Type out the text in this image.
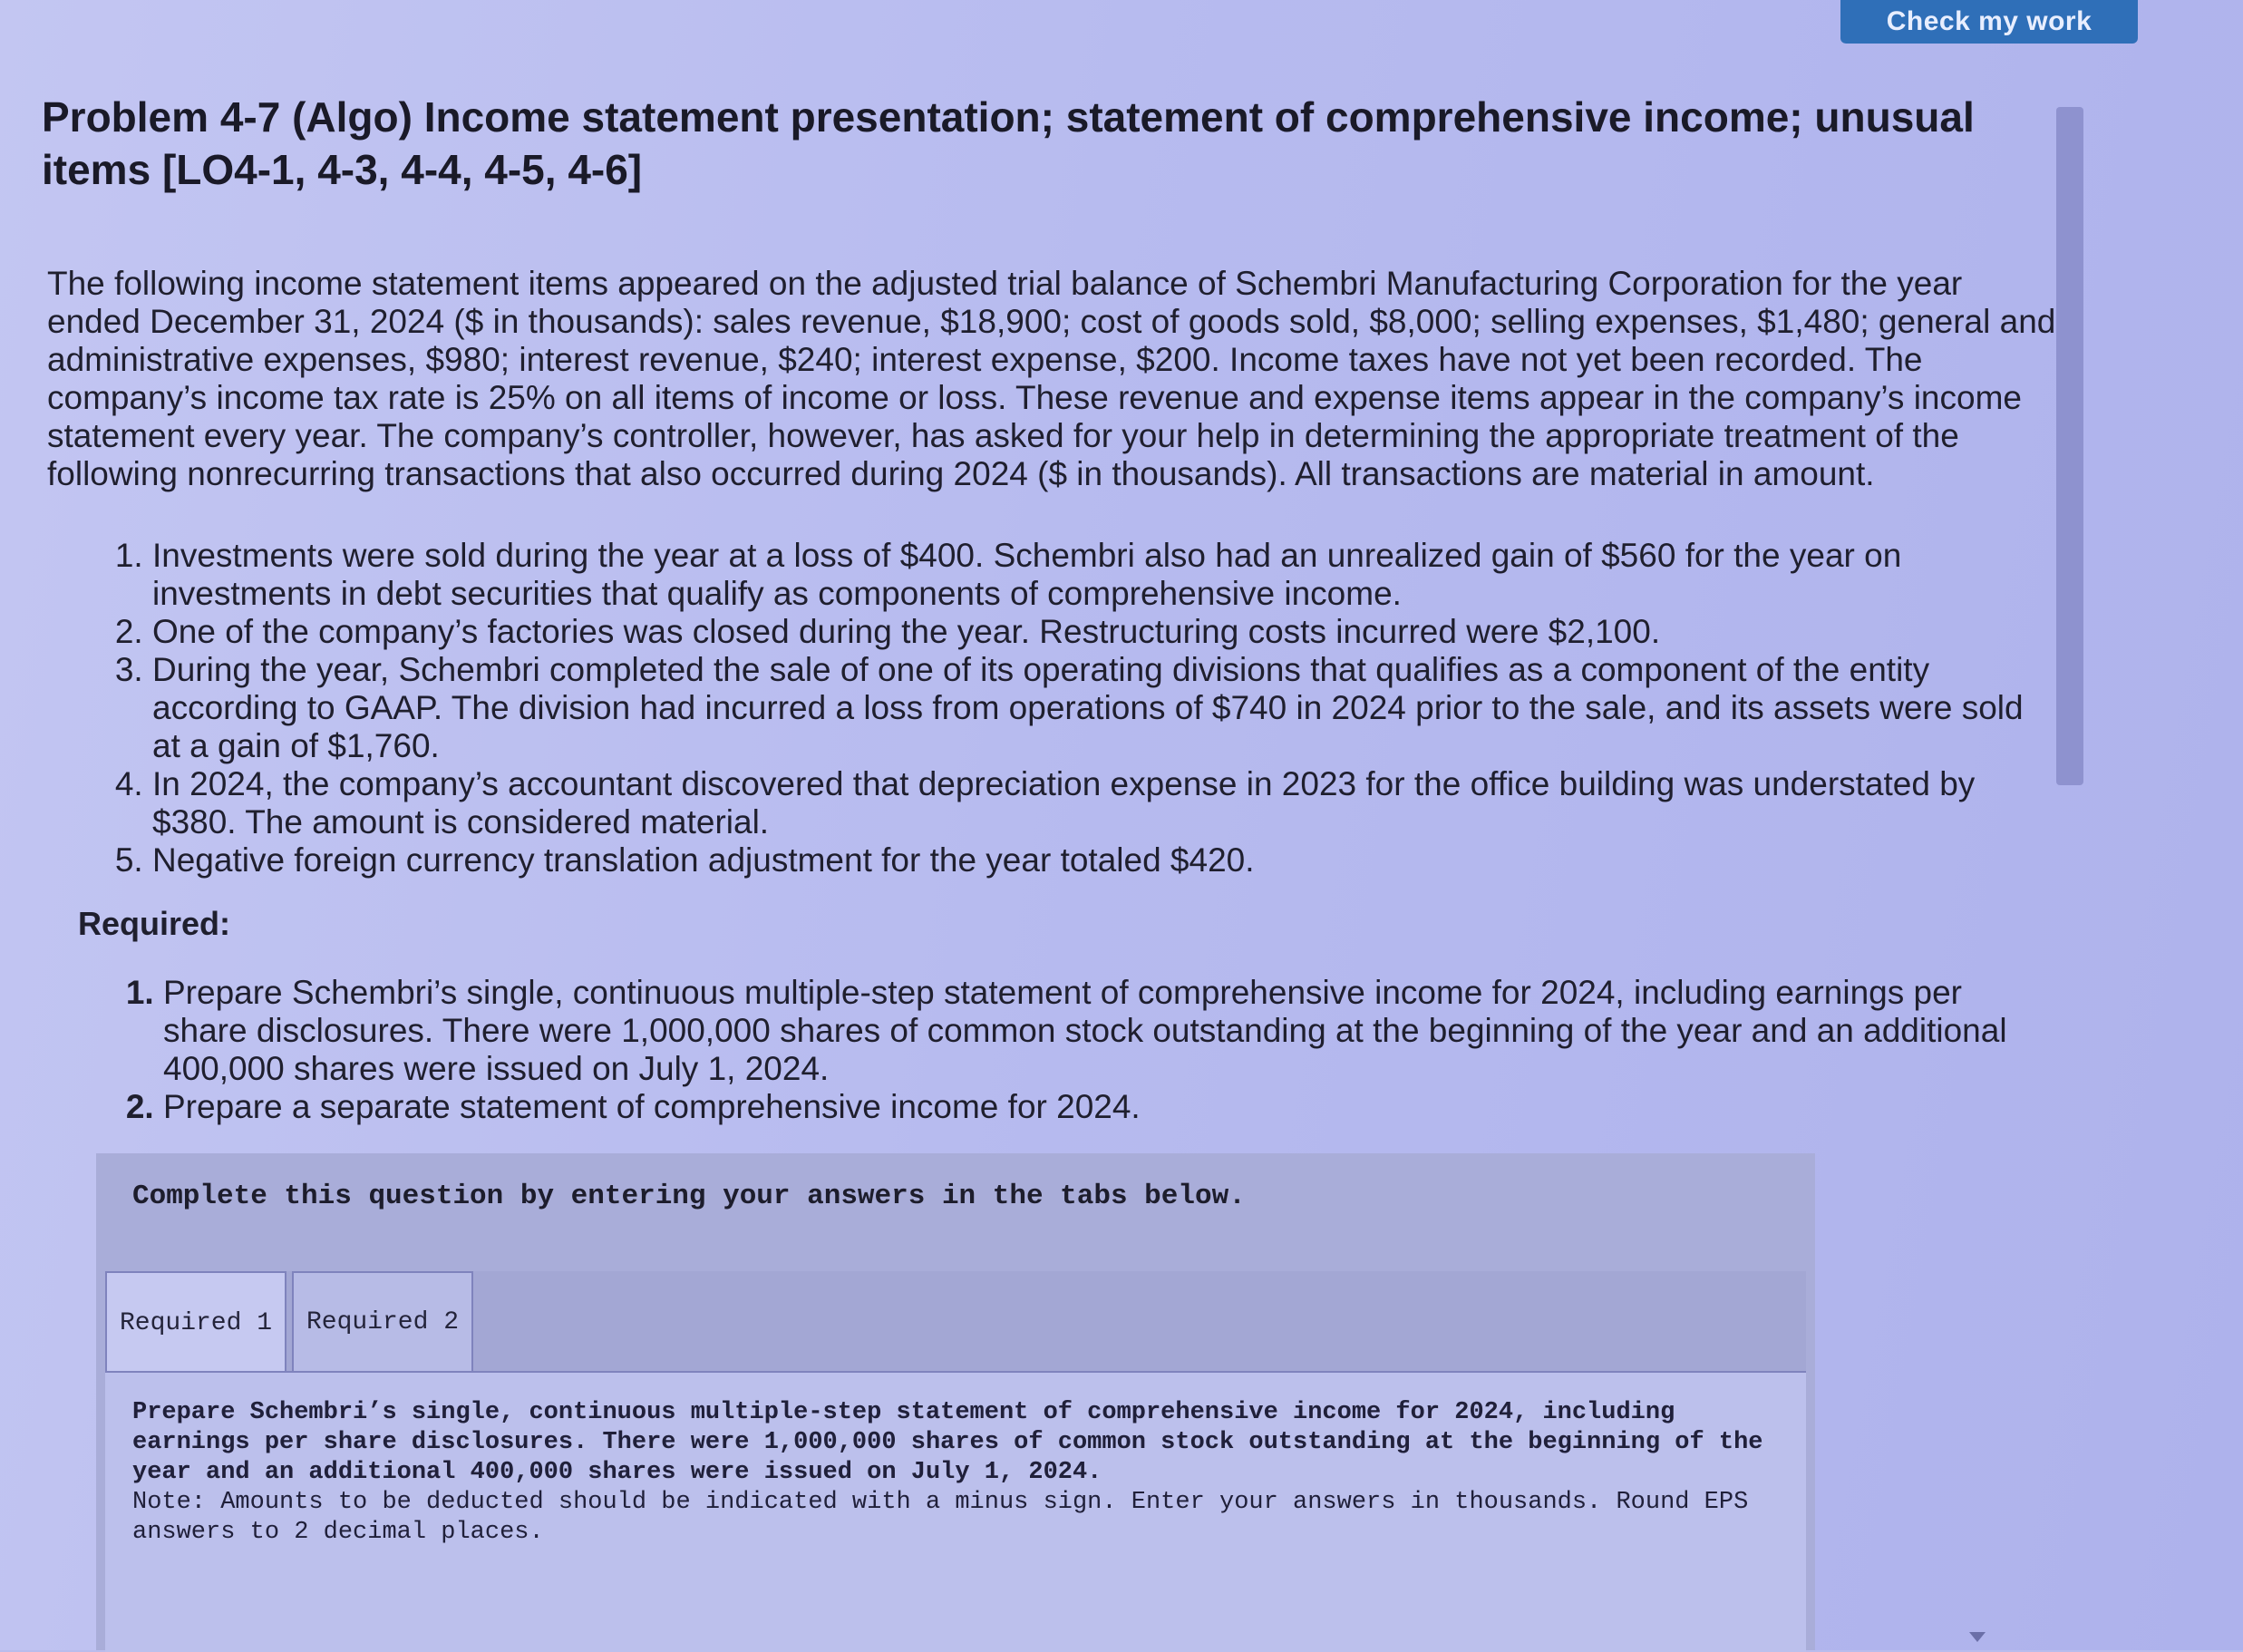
Check my work
Problem 4-7 (Algo) Income statement presentation; statement of comprehensive income; unusual items [LO4-1, 4-3, 4-4, 4-5, 4-6]

The following income statement items appeared on the adjusted trial balance of Schembri Manufacturing Corporation for the year ended December 31, 2024 ($ in thousands): sales revenue, $18,900; cost of goods sold, $8,000; selling expenses, $1,480; general and administrative expenses, $980; interest revenue, $240; interest expense, $200. Income taxes have not yet been recorded. The company’s income tax rate is 25% on all items of income or loss. These revenue and expense items appear in the company’s income statement every year. The company’s controller, however, has asked for your help in determining the appropriate treatment of the following nonrecurring transactions that also occurred during 2024 ($ in thousands). All transactions are material in amount.

1. Investments were sold during the year at a loss of $400. Schembri also had an unrealized gain of $560 for the year on investments in debt securities that qualify as components of comprehensive income.
2. One of the company’s factories was closed during the year. Restructuring costs incurred were $2,100.
3. During the year, Schembri completed the sale of one of its operating divisions that qualifies as a component of the entity according to GAAP. The division had incurred a loss from operations of $740 in 2024 prior to the sale, and its assets were sold at a gain of $1,760.
4. In 2024, the company’s accountant discovered that depreciation expense in 2023 for the office building was understated by $380. The amount is considered material.
5. Negative foreign currency translation adjustment for the year totaled $420.
Required:
1. Prepare Schembri’s single, continuous multiple-step statement of comprehensive income for 2024, including earnings per share disclosures. There were 1,000,000 shares of common stock outstanding at the beginning of the year and an additional 400,000 shares were issued on July 1, 2024.
2. Prepare a separate statement of comprehensive income for 2024.
Complete this question by entering your answers in the tabs below.
Required 1	Required 2

Prepare Schembri’s single, continuous multiple-step statement of comprehensive income for 2024, including earnings per share disclosures. There were 1,000,000 shares of common stock outstanding at the beginning of the year and an additional 400,000 shares were issued on July 1, 2024.

Note: Amounts to be deducted should be indicated with a minus sign. Enter your answers in thousands. Round EPS answers to 2 decimal places.
